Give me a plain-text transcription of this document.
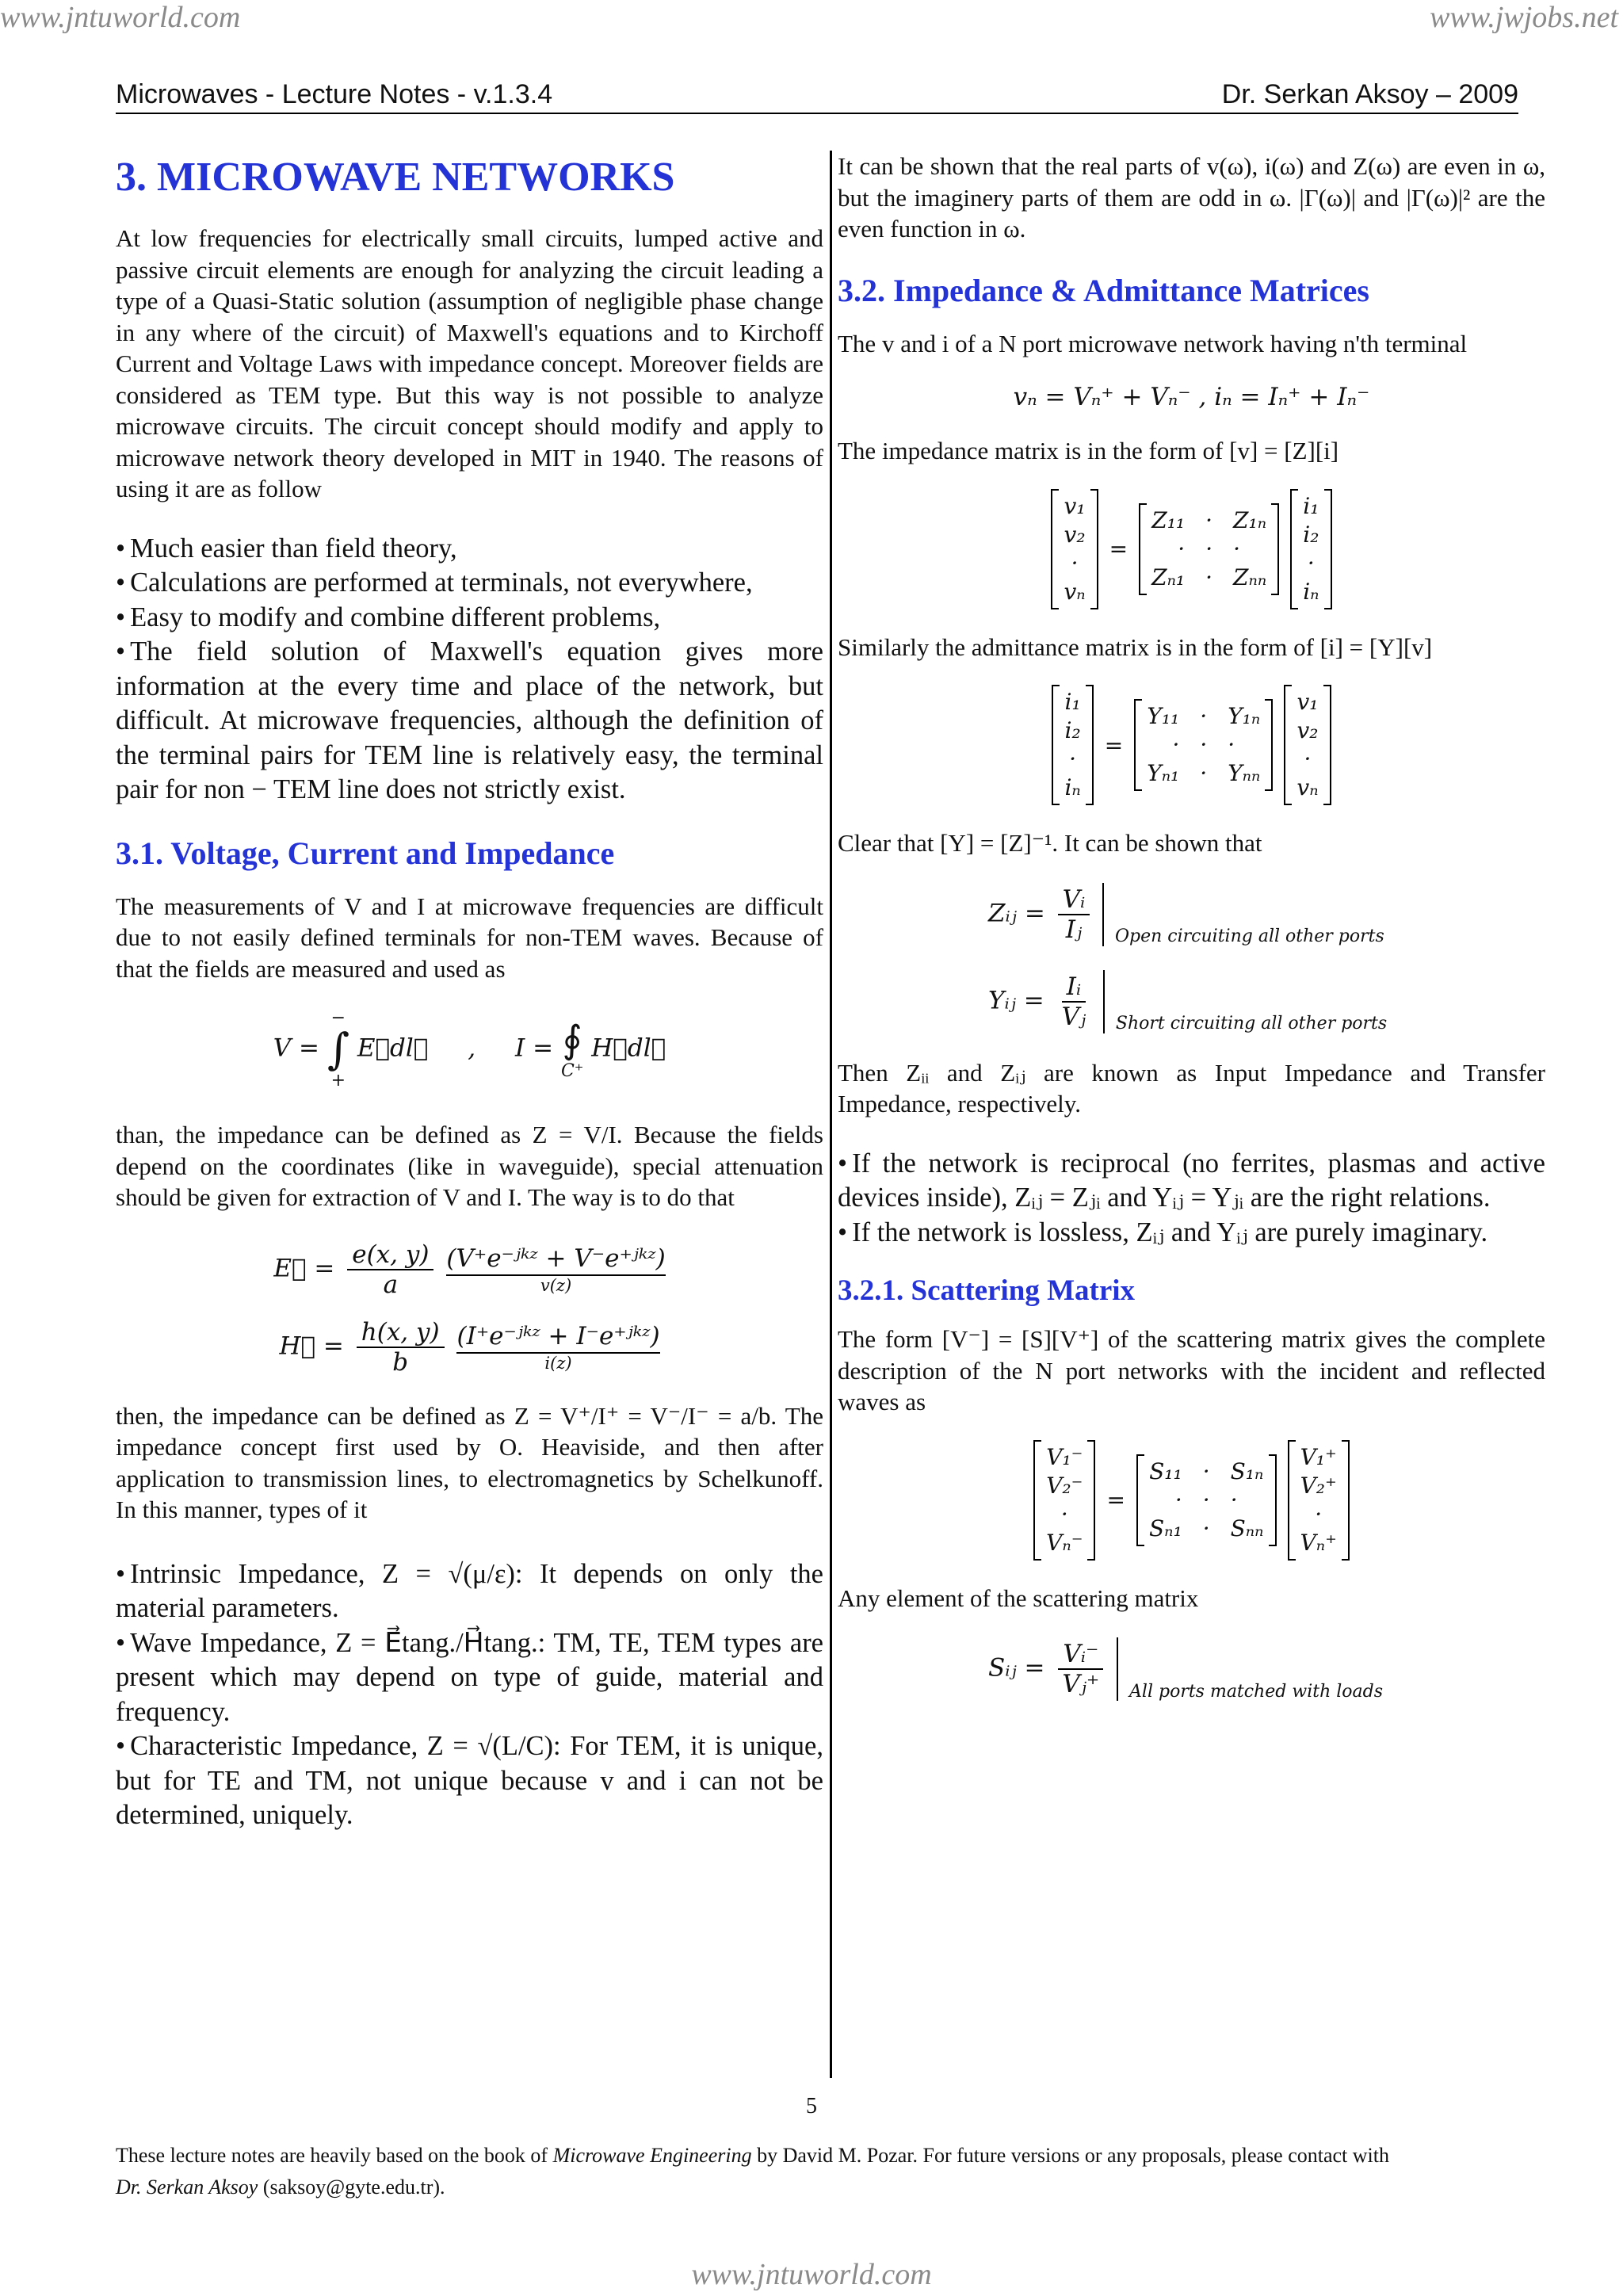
www.jntuworld.com	www.jwjobs.net
Microwaves - Lecture Notes - v.1.3.4	Dr. Serkan Aksoy – 2009
3. MICROWAVE NETWORKS

At low frequencies for electrically small circuits, lumped active and passive circuit elements are enough for analyzing the circuit leading a type of a Quasi-Static solution (assumption of negligible phase change in any where of the circuit) of Maxwell's equations and to Kirchoff Current and Voltage Laws with impedance concept. Moreover fields are considered as TEM type. But this way is not possible to analyze microwave circuits. The circuit concept should modify and apply to microwave network theory developed in MIT in 1940. The reasons of using it are as follow

• Much easier than field theory,
• Calculations are performed at terminals, not everywhere,
• Easy to modify and combine different problems,
• The field solution of Maxwell's equation gives more information at the every time and place of the network, but difficult. At microwave frequencies, although the definition of the terminal pairs for TEM line is relatively easy, the terminal pair for non − TEM line does not strictly exist.
3.1. Voltage, Current and Impedance

The measurements of V and I at microwave frequencies are difficult due to not easily defined terminals for non-TEM waves. Because of that the fields are measured and used as

V =
−
∫
+
E⃗dl⃗ , I = ∮
C⁺
H⃗dl⃗

than, the impedance can be defined as Z = V/I. Because the fields depend on the coordinates (like in waveguide), special attenuation should be given for extraction of V and I. The way is to do that

E⃗ = $\frac{e(x, y)}{a}$
(V⁺e⁻ʲᵏᶻ + V⁻e⁺ʲᵏᶻ)
v(z)
H⃗ = $\frac{h(x, y)}{b}$
(I⁺e⁻ʲᵏᶻ + I⁻e⁺ʲᵏᶻ)
i(z)

then, the impedance can be defined as Z = V⁺/I⁺ = V⁻/I⁻ = a/b. The impedance concept first used by O. Heaviside, and then after application to transmission lines, to electromagnetics by Schelkunoff. In this manner, types of it

• Intrinsic Impedance, Z = √(μ/ε): It depends on only the material parameters.
• Wave Impedance, Z = E⃗tang./H⃗tang.: TM, TE, TEM types are present which may depend on type of guide, material and frequency.
• Characteristic Impedance, Z = √(L/C): For TEM, it is unique, but for TE and TM, not unique because v and i can not be determined, uniquely.

It can be shown that the real parts of v(ω), i(ω) and Z(ω) are even in ω, but the imaginery parts of them are odd in ω. |Γ(ω)| and |Γ(ω)|² are the even function in ω.

3.2. Impedance & Admittance Matrices

The v and i of a N port microwave network having n'th terminal

vₙ = Vₙ⁺ + Vₙ⁻ , iₙ = Iₙ⁺ + Iₙ⁻

The impedance matrix is in the form of [v] = [Z][i]

v₁
v₂
·
vₙ
=
Z₁₁ · Z₁ₙ
· · ·
Zₙ₁ · Zₙₙ
i₁
i₂
·
iₙ

Similarly the admittance matrix is in the form of [i] = [Y][v]

i₁
i₂
·
iₙ
=
Y₁₁ · Y₁ₙ
· · ·
Yₙ₁ · Yₙₙ
v₁
v₂
·
vₙ

Clear that [Y] = [Z]⁻¹. It can be shown that

Zᵢⱼ = $\frac{\text{Vᵢ}}{\text{Iⱼ}} _{Open circuiting all other ports}$
Yᵢⱼ = $\frac{\text{Iᵢ}}{\text{Vⱼ}} _{Short circuiting all other ports}$

Then Zᵢᵢ and Zᵢⱼ are known as Input Impedance and Transfer Impedance, respectively.

• If the network is reciprocal (no ferrites, plasmas and active devices inside), Zᵢⱼ = Zⱼᵢ and Yᵢⱼ = Yⱼᵢ are the right relations.
• If the network is lossless, Zᵢⱼ and Yᵢⱼ are purely imaginary.
3.2.1. Scattering Matrix

The form [V⁻] = [S][V⁺] of the scattering matrix gives the complete description of the N port networks with the incident and reflected waves as

V₁⁻
V₂⁻
·
Vₙ⁻
=
S₁₁ · S₁ₙ
· · ·
Sₙ₁ · Sₙₙ
V₁⁺
V₂⁺
·
Vₙ⁺

Any element of the scattering matrix

Sᵢⱼ = $\frac{\text{Vᵢ⁻}}{\text{Vⱼ⁺}} _{All ports matched with loads}$
5
These lecture notes are heavily based on the book of Microwave Engineering by David M. Pozar. For future versions or any proposals, please contact with
Dr. Serkan Aksoy (saksoy@gyte.edu.tr).
www.jntuworld.com
